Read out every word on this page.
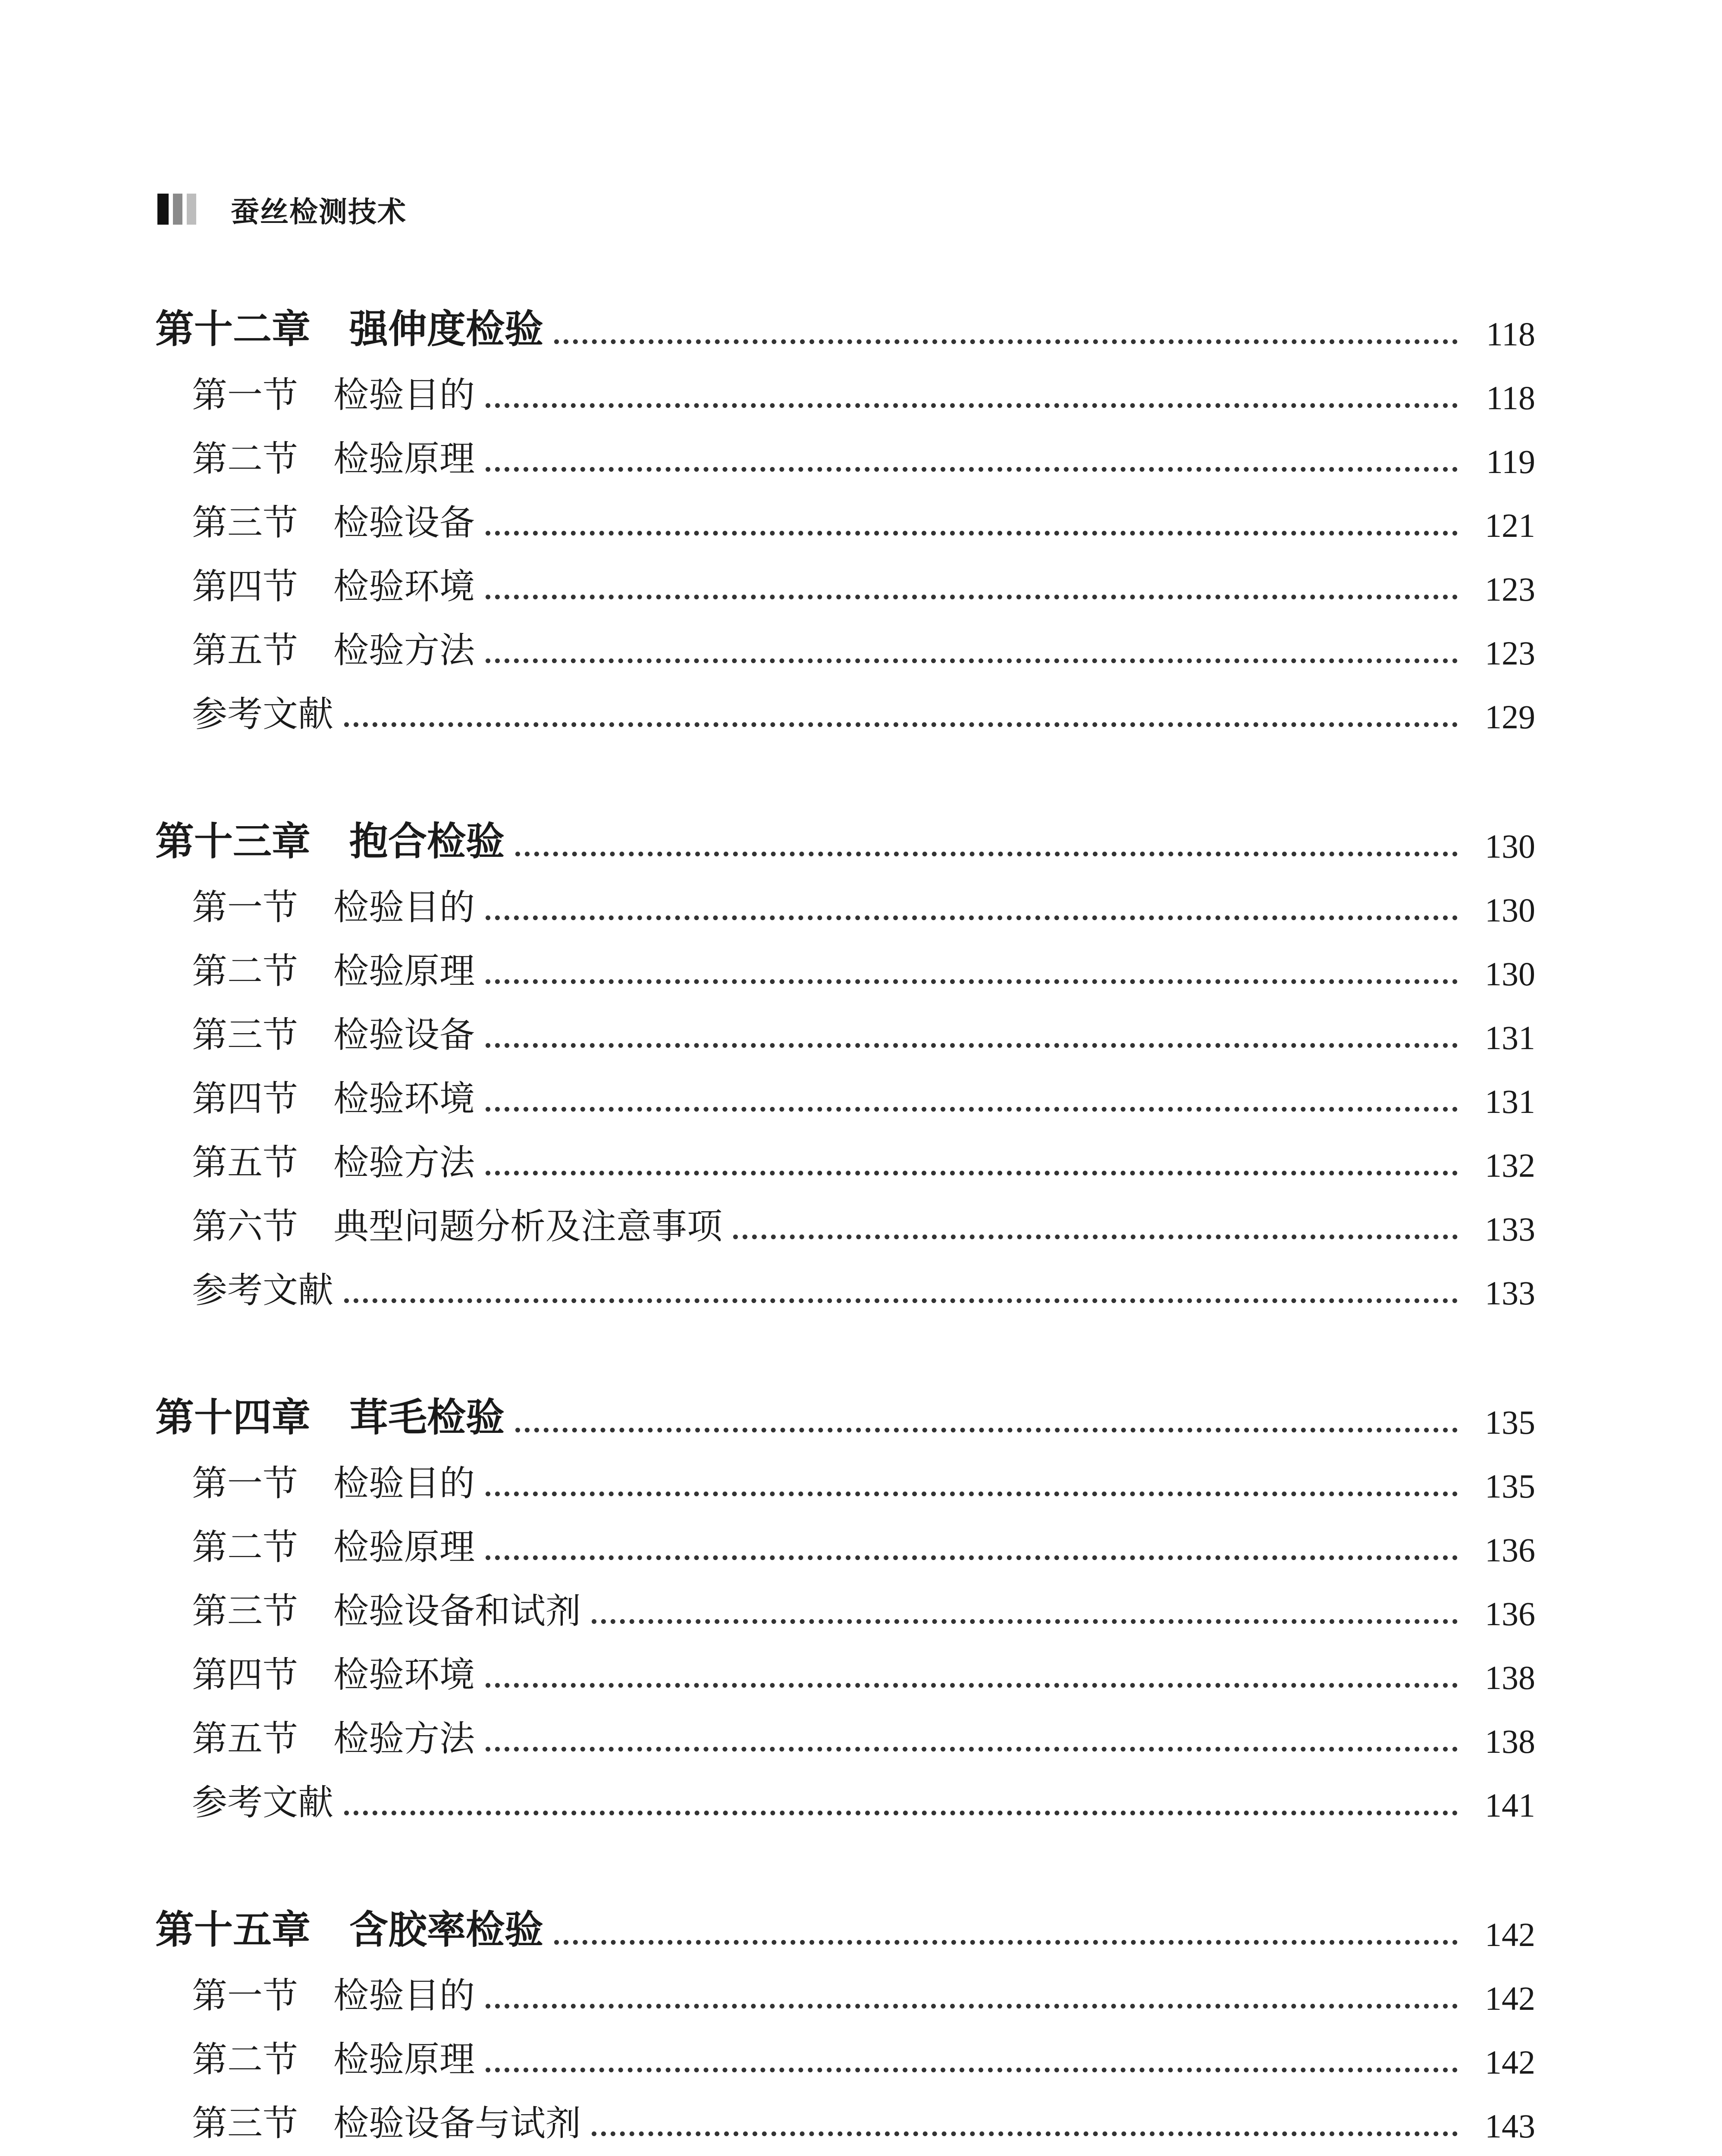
蚕丝检测技术
第十二章　强伸度检验	118
第一节　检验目的	118
第二节　检验原理	119
第三节　检验设备	121
第四节　检验环境	123
第五节　检验方法	123
参考文献	129
第十三章　抱合检验	130
第一节　检验目的	130
第二节　检验原理	130
第三节　检验设备	131
第四节　检验环境	131
第五节　检验方法	132
第六节　典型问题分析及注意事项	133
参考文献	133
第十四章　茸毛检验	135
第一节　检验目的	135
第二节　检验原理	136
第三节　检验设备和试剂	136
第四节　检验环境	138
第五节　检验方法	138
参考文献	141
第十五章　含胶率检验	142
第一节　检验目的	142
第二节　检验原理	142
第三节　检验设备与试剂	143
